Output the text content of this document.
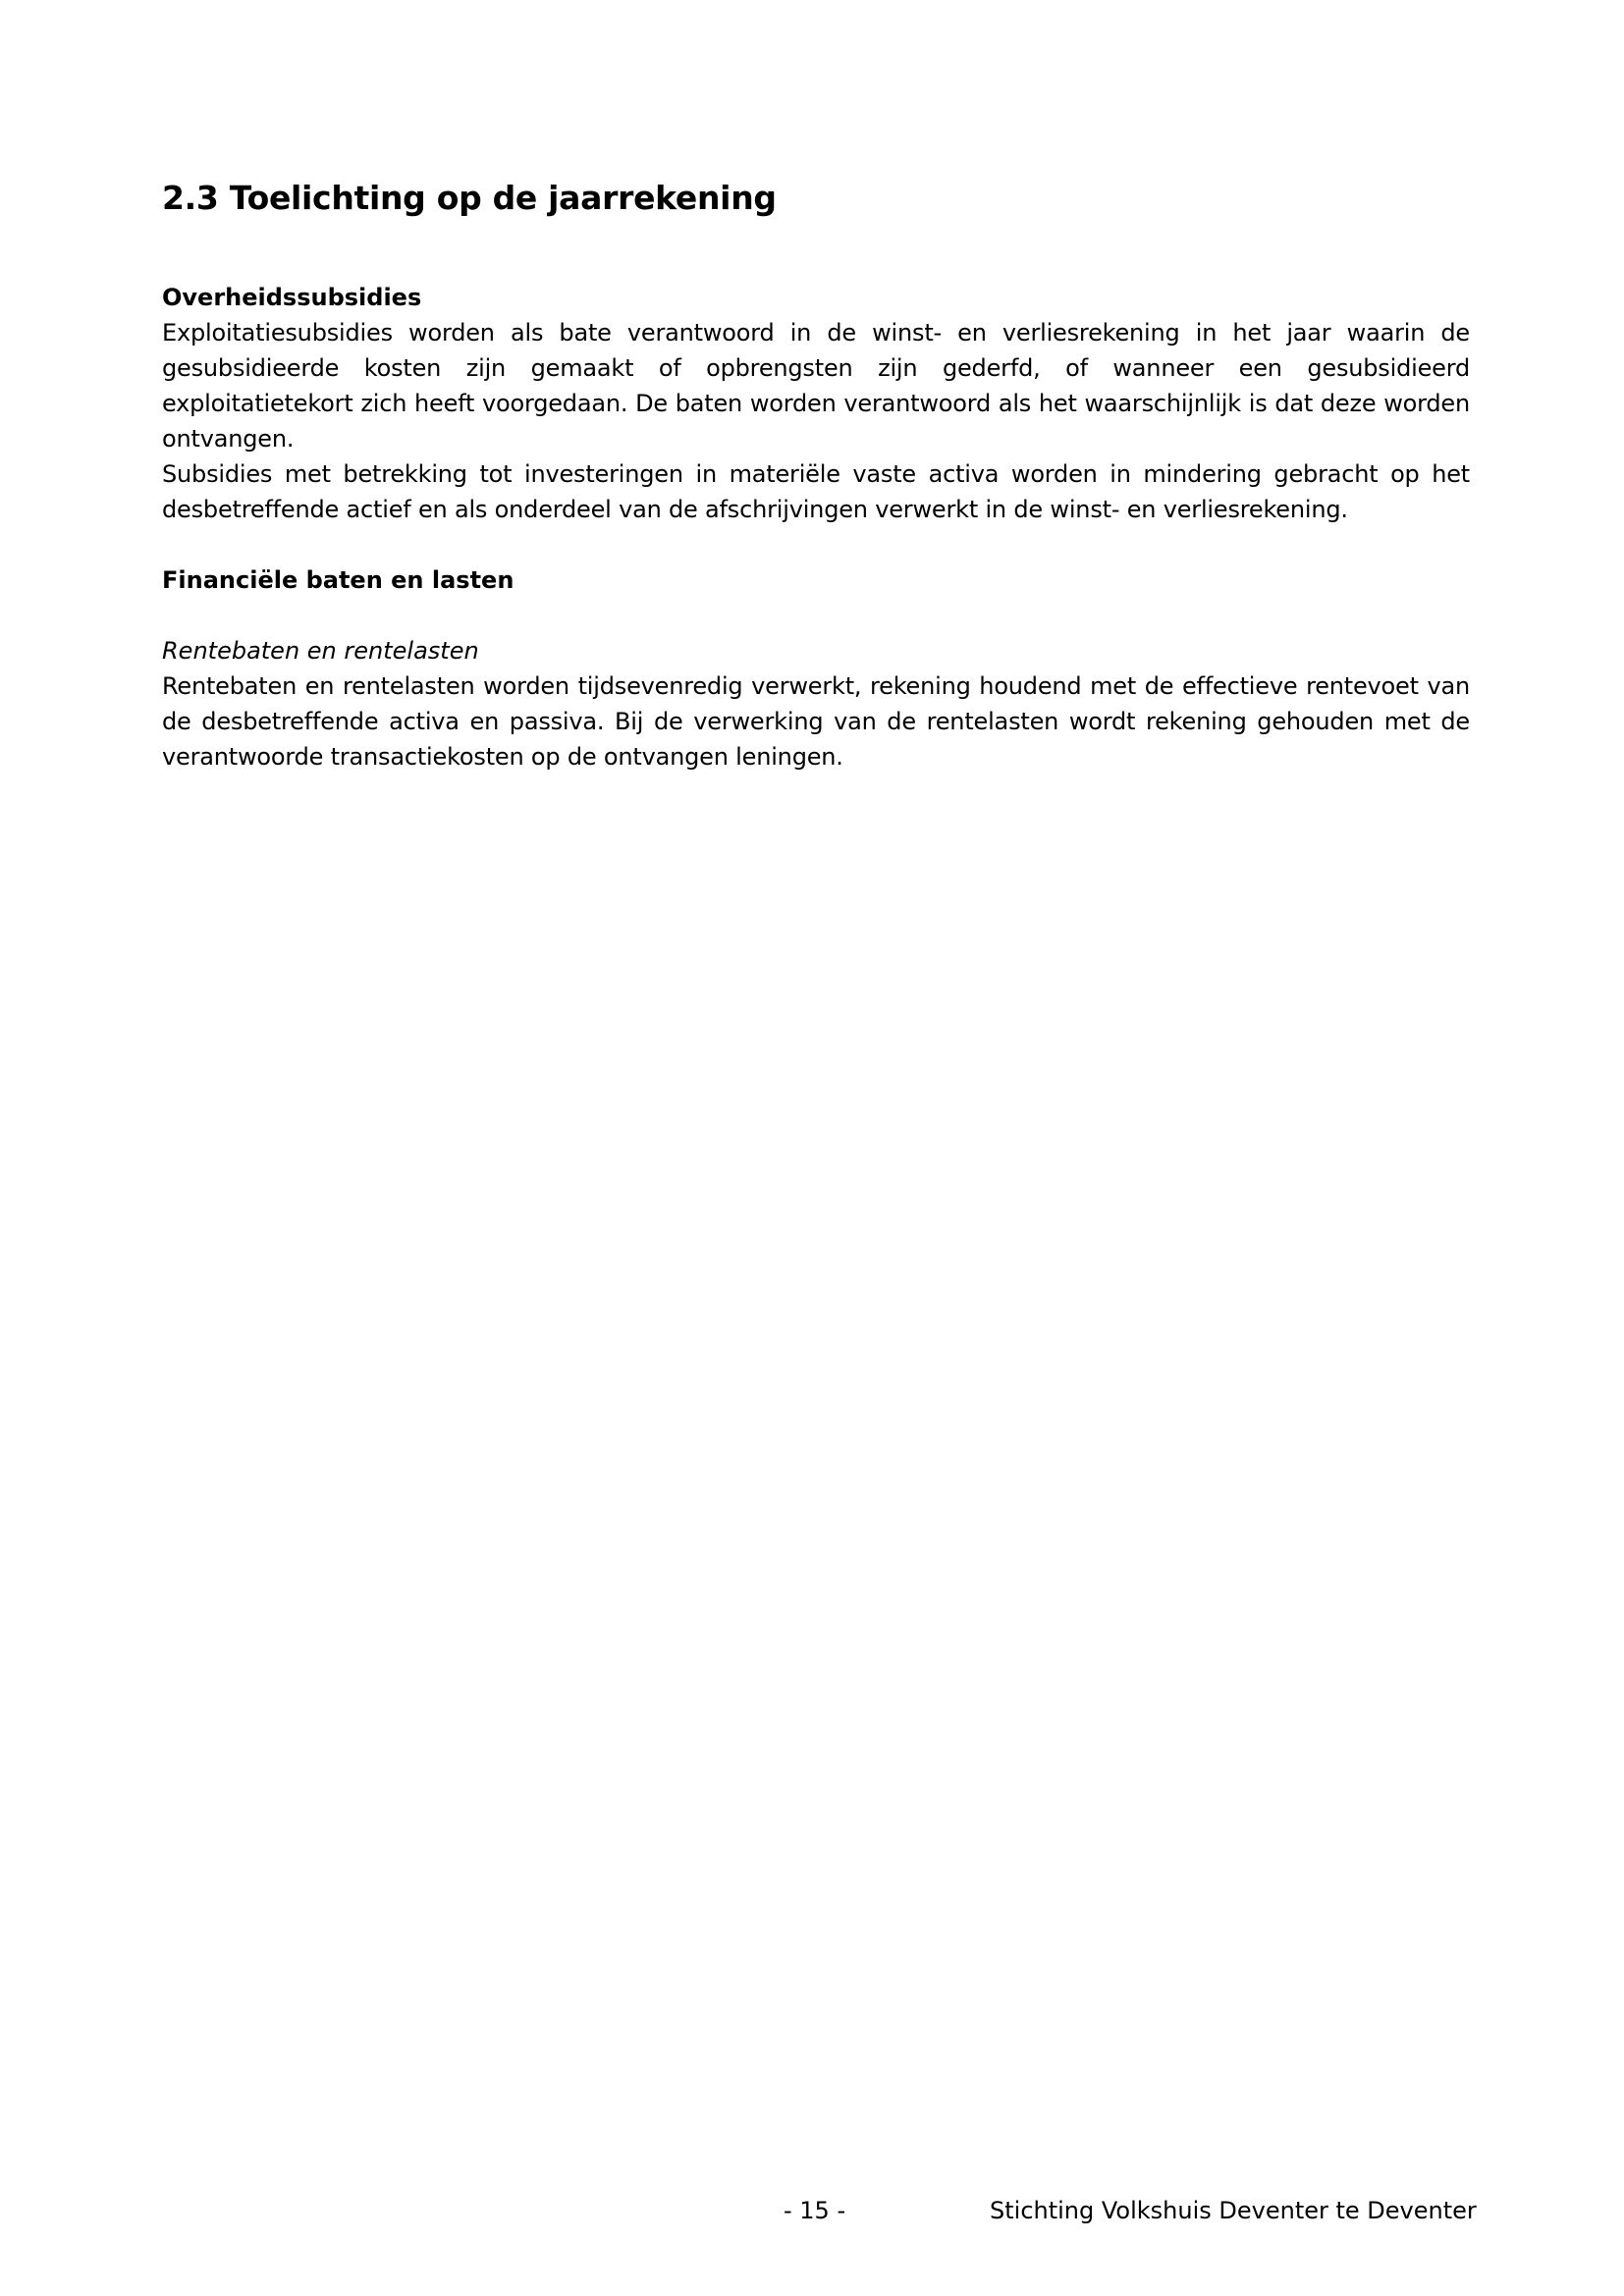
2.3 Toelichting op de jaarrekening
Overheidssubsidies

Exploitatiesubsidies worden als bate verantwoord in de winst- en verliesrekening in het jaar waarin de gesubsidieerde kosten zijn gemaakt of opbrengsten zijn gederfd, of wanneer een gesubsidieerd exploitatietekort zich heeft voorgedaan. De baten worden verantwoord als het waarschijnlijk is dat deze worden ontvangen.

Subsidies met betrekking tot investeringen in materiële vaste activa worden in mindering gebracht op het desbetreffende actief en als onderdeel van de afschrijvingen verwerkt in de winst- en verliesrekening.

Financiële baten en lasten

Rentebaten en rentelasten

Rentebaten en rentelasten worden tijdsevenredig verwerkt, rekening houdend met de effectieve rentevoet van de desbetreffende activa en passiva. Bij de verwerking van de rentelasten wordt rekening gehouden met de verantwoorde transactiekosten op de ontvangen leningen.

- 15 -	Stichting Volkshuis Deventer te Deventer
